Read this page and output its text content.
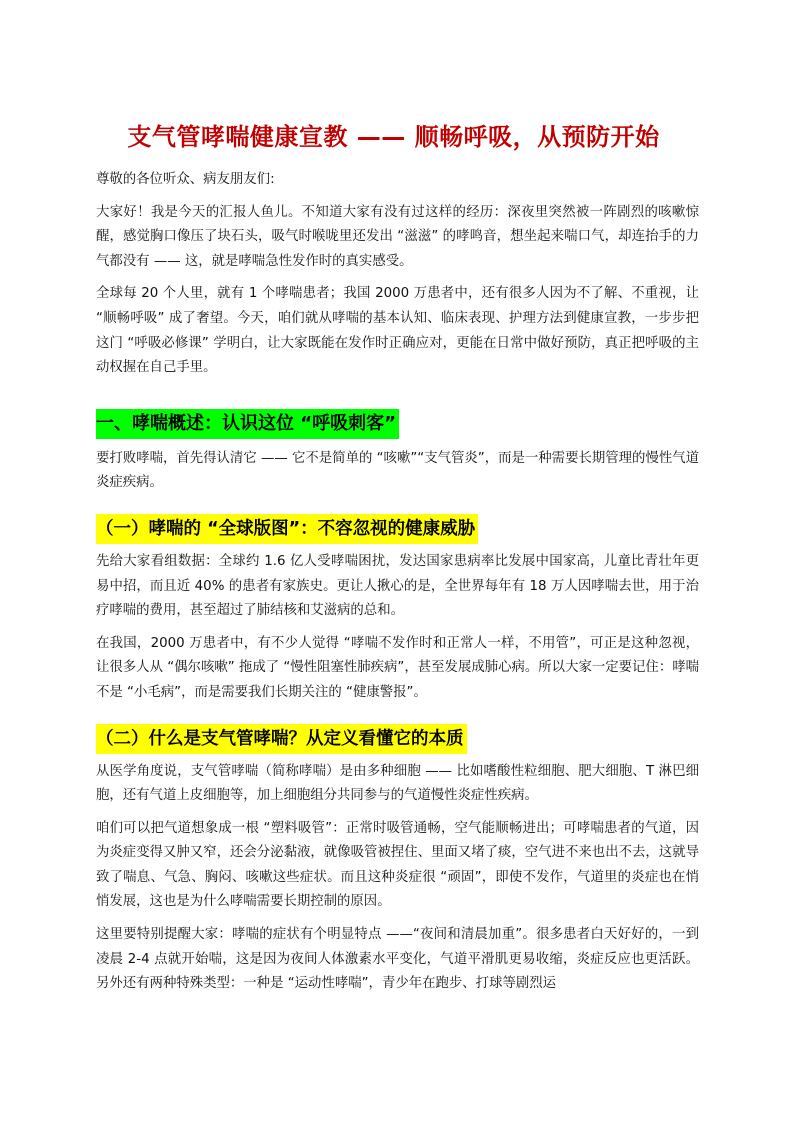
支气管哮喘健康宣教 —— 顺畅呼吸，从预防开始

尊敬的各位听众、病友朋友们:

大家好！我是今天的汇报人鱼儿。不知道大家有没有过这样的经历：深夜里突然被一阵剧烈的咳嗽惊醒，感觉胸口像压了块石头，吸气时喉咙里还发出 “滋滋” 的哮鸣音，想坐起来喘口气，却连抬手的力气都没有 —— 这，就是哮喘急性发作时的真实感受。

全球每 20 个人里，就有 1 个哮喘患者；我国 2000 万患者中，还有很多人因为不了解、不重视，让 “顺畅呼吸” 成了奢望。今天，咱们就从哮喘的基本认知、临床表现、护理方法到健康宣教，一步步把这门 “呼吸必修课” 学明白，让大家既能在发作时正确应对，更能在日常中做好预防，真正把呼吸的主动权握在自己手里。

一、哮喘概述：认识这位 “呼吸刺客”

要打败哮喘，首先得认清它 —— 它不是简单的 “咳嗽”“支气管炎”，而是一种需要长期管理的慢性气道炎症疾病。

（一）哮喘的 “全球版图”：不容忽视的健康威胁

先给大家看组数据：全球约 1.6 亿人受哮喘困扰，发达国家患病率比发展中国家高，儿童比青壮年更易中招，而且近 40% 的患者有家族史。更让人揪心的是，全世界每年有 18 万人因哮喘去世，用于治疗哮喘的费用，甚至超过了肺结核和艾滋病的总和。

在我国，2000 万患者中，有不少人觉得 “哮喘不发作时和正常人一样，不用管”，可正是这种忽视，让很多人从 “偶尔咳嗽” 拖成了 “慢性阻塞性肺疾病”，甚至发展成肺心病。所以大家一定要记住：哮喘不是 “小毛病”，而是需要我们长期关注的 “健康警报”。

（二）什么是支气管哮喘？从定义看懂它的本质

从医学角度说，支气管哮喘（简称哮喘）是由多种细胞 —— 比如嗜酸性粒细胞、肥大细胞、T 淋巴细胞，还有气道上皮细胞等，加上细胞组分共同参与的气道慢性炎症性疾病。

咱们可以把气道想象成一根 “塑料吸管”：正常时吸管通畅，空气能顺畅进出；可哮喘患者的气道，因为炎症变得又肿又窄，还会分泌黏液，就像吸管被捏住、里面又堵了痰，空气进不来也出不去，这就导致了喘息、气急、胸闷、咳嗽这些症状。而且这种炎症很 “顽固”，即使不发作，气道里的炎症也在悄悄发展，这也是为什么哮喘需要长期控制的原因。

这里要特别提醒大家：哮喘的症状有个明显特点 ——“夜间和清晨加重”。很多患者白天好好的，一到凌晨 2-4 点就开始喘，这是因为夜间人体激素水平变化，气道平滑肌更易收缩，炎症反应也更活跃。另外还有两种特殊类型：一种是 “运动性哮喘”，青少年在跑步、打球等剧烈运
